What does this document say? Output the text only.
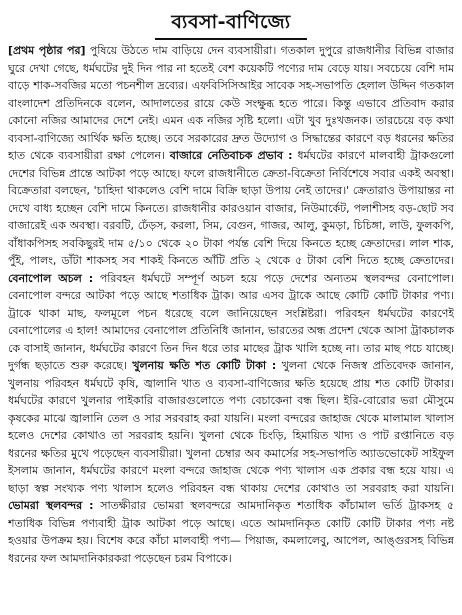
ব্যবসা-বাণিজ্যে

[প্রথম পৃষ্ঠার পর] পুষিয়ে উঠতে দাম বাড়িয়ে দেন ব্যবসায়ীরা। গতকাল দুপুরে রাজধানীর বিভিন্ন বাজার ঘুরে দেখা গেছে, ধর্মঘটের দুই দিন পার না হতেই বেশ কয়েকটি পণ্যের দাম বেড়ে যায়। সবচেয়ে বেশি দাম বাড়ে শাক-সবজির মতো পচনশীল দ্রব্যের। এফবিসিসিআইর সাবেক সহ-সভাপতি হেলাল উদ্দিন গতকাল বাংলাদেশ প্রতিদিনকে বলেন, আদালতের রায়ে কেউ সংক্ষুব্ধ হতে পারে। কিন্তু এভাবে প্রতিবাদ করার কোনো নজির আমাদের দেশে নেই। এমন এক নজির সৃষ্টি হলো। এটা খুব দুঃখজনক। তারচেয়ে বড় কথা ব্যবসা-বাণিজ্যে আর্থিক ক্ষতি হচ্ছে। তবে সরকারের দ্রুত উদ্যোগ ও সিদ্ধান্তের কারণে বড় ধরনের ক্ষতির হাত থেকে ব্যবসায়ীরা রক্ষা পেলেন। বাজারে নেতিবাচক প্রভাব : ধর্মঘটের কারণে মালবাহী ট্রাকগুলো দেশের বিভিন্ন প্রান্তে আটকা পড়ে আছে। ফলে রাজধানীতে ক্রেতা-বিক্রেতা নির্বিশেষে সবার একই অবস্থা। বিক্রেতারা বলছেন, 'চাহিদা থাকলেও বেশি দামে বিক্রি ছাড়া উপায় নেই তাদের।' ক্রেতারাও উপায়ান্তর না দেখে বাধ্য হচ্ছেন বেশি দামে কিনতে। রাজধানীর কারওয়ান বাজার, নিউমার্কেট, পলাশীসহ বড়-ছোট সব বাজারেই এক অবস্থা। বরবটি, ঢেঁড়স, করলা, সিম, বেগুন, গাজর, আলু, কুমড়া, চিচিঙ্গা, লাউ, ফুলকপি, বাঁধাকপিসহ সবকিছুরই দাম ৫/১০ থেকে ২০ টাকা পর্যন্ত বেশি দিয়ে কিনতে হচ্ছে ক্রেতাদের। লাল শাক, পুঁই, পালং, ডাঁটা শাকসহ সব শাকই কিনতে আঁটি প্রতি ২ থেকে ৫ টাকা বেশি দিতে হচ্ছে ক্রেতাদের। বেনাপোল অচল : পরিবহন ধর্মঘটে সম্পূর্ণ অচল হয়ে পড়ে দেশের অন্যতম স্থলবন্দর বেনাপোল। বেনাপোল বন্দরে আটকা পড়ে আছে শতাধিক ট্রাক। আর এসব ট্রাকে আছে কোটি কোটি টাকার পণ্য। ট্রাকে থাকা মাছ, ফলমূলে পচন ধরেছে বলে জানিয়েছেন সংশ্লিষ্টরা। পরিবহন ধর্মঘটের কারণেই বেনাপোলের এ হাল! আমাদের বেনাপোল প্রতিনিধি জানান, ভারতের অন্ধ প্রদেশ থেকে আসা ট্রাকচালক কে বাসাই জানান, ধর্মঘটের কারণে তিন দিন ধরে তার মাছের ট্রাক খালি হচ্ছে না। তার মাছ পচে যাচ্ছে। দুর্গন্ধ ছড়াতে শুরু করেছে। খুলনায় ক্ষতি শত কোটি টাকা : খুলনা থেকে নিজস্ব প্রতিবেদক জানান, খুলনায় পরিবহন ধর্মঘটে কৃষি, জ্বালানি খাত ও ব্যবসা-বাণিজ্যের ক্ষতি হয়েছে প্রায় শত কোটি টাকার। ধর্মঘটের কারণে খুলনার পাইকারি বাজারগুলোতে পণ্য বেচাকেনা বন্ধ ছিল। ইরি-বোরোর ভরা মৌসুমে কৃষকের মাঝে জ্বালানি তেল ও সার সরবরাহ করা যায়নি। মংলা বন্দরের জাহাজ থেকে মালামাল খালাস হলেও দেশের কোথাও তা সরবরাহ হয়নি। খুলনা থেকে চিংড়ি, হিমায়িত খাদ্য ও পাট রপ্তানিতে বড় ধরনের ক্ষতির মুখে পড়েছেন ব্যবসায়ীরা। খুলনা চেম্বার অব কমার্সের সহ-সভাপতি অ্যাডভোকেট সাইফুল ইসলাম জানান, ধর্মঘটের কারণে মংলা বন্দরে জাহাজ থেকে পণ্য খালাস এক প্রকার বন্ধ হয়ে যায়। এ ছাড়া স্বল্প সংখ্যক পণ্য খালাস হলেও পরিবহন বন্ধ থাকায় দেশের কোথাও তা সরবরাহ করা যায়নি। ভোমরা স্থলবন্দর : সাতক্ষীরার ভোমরা স্থলবন্দরে আমদানিকৃত শতাধিক কাঁচামাল ভর্তি ট্রাকসহ ৫ শতাধিক বিভিন্ন পণ্যবাহী ট্রাক আটকা পড়ে আছে। এতে আমদানিকৃত কোটি কোটি টাকার পণ্য নষ্ট হওয়ার উপক্রম হয়। বিশেষ করে কাঁচা মালবাহী পণ্য— পিয়াজ, কমলালেবু, আপেল, আঙ্গুরসহ বিভিন্ন ধরনের ফল আমদানিকারকরা পড়েছেন চরম বিপাকে।
